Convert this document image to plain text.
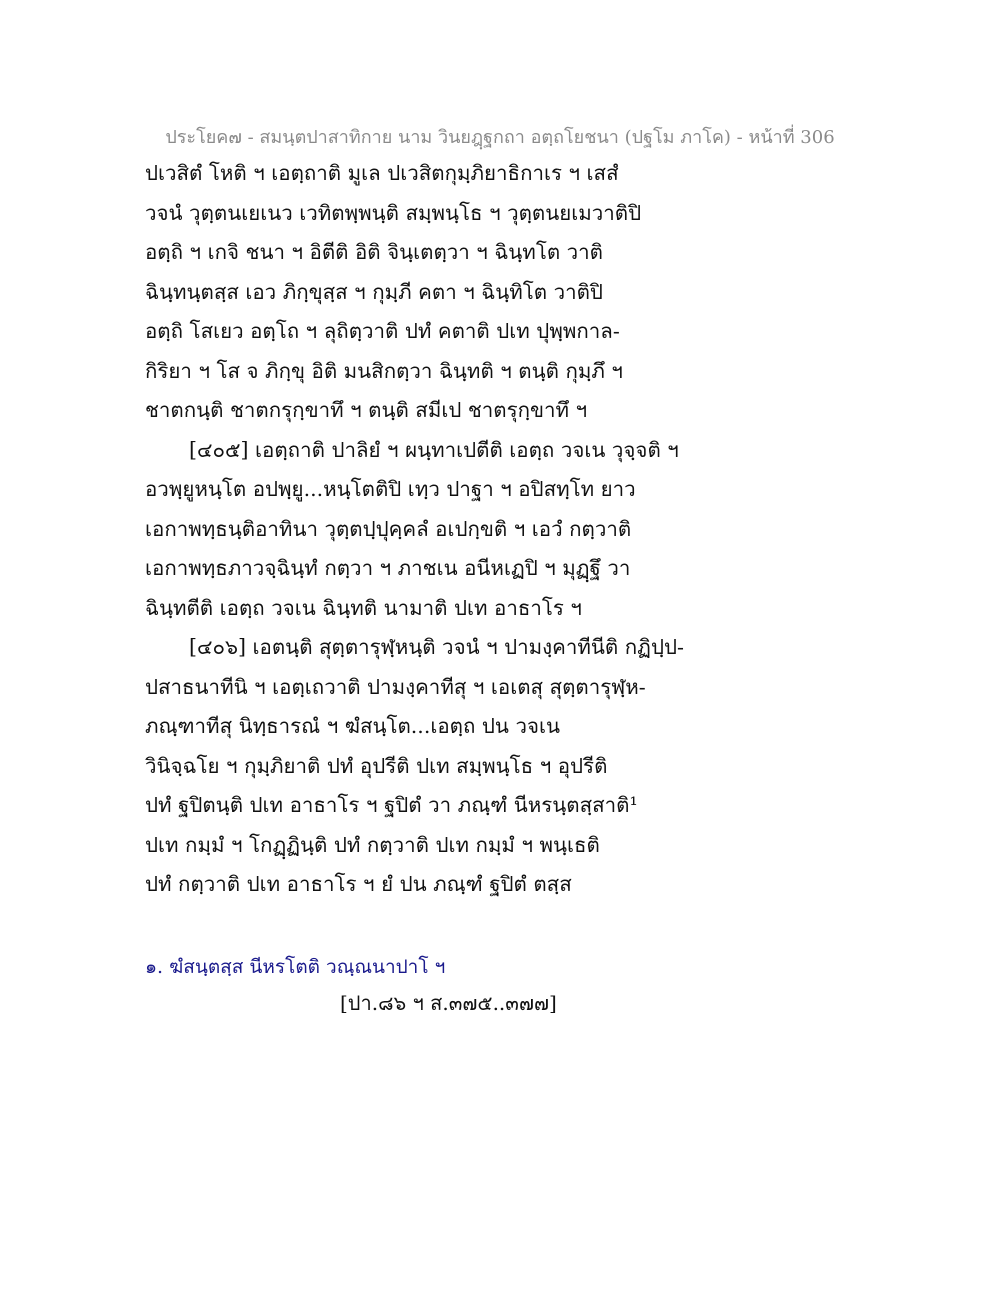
ประโยค๗ - สมนฺตปาสาทิกาย นาม วินยฎฺฐกถา อตฺถโยชนา (ปฐโม ภาโค) - หน้าที่ 306
ปเวสิตํ โหติ ฯ เอตฺถาติ มูเล ปเวสิตกุมฺภิยาธิกาเร ฯ เสสํ
วจนํ วุตฺตนเยเนว เวทิตพฺพนฺติ สมฺพนฺโธ ฯ วุตฺตนยเมวาติปิ
อตฺถิ ฯ เกจิ ชนา ฯ อิตีติ อิติ จินฺเตตฺวา ฯ ฉินฺทโต วาติ
ฉินฺทนฺตสฺส เอว ภิกฺขุสฺส ฯ กุมฺภี คตา ฯ ฉินฺทิโต วาติปิ
อตฺถิ โสเยว อตฺโถ ฯ ลุถิตฺวาติ ปทํ คตาติ ปเท ปุพฺพกาล-
กิริยา ฯ โส จ ภิกฺขุ อิติ มนสิกตฺวา ฉินฺทติ ฯ ตนฺติ กุมฺภึ ฯ
ชาตกนฺติ ชาตกรุกฺขาทึ ฯ ตนฺติ สมีเป ชาตรุกฺขาทึ ฯ
[๔๐๕] เอตฺถาติ ปาลิยํ ฯ ผนฺทาเปตีติ เอตฺถ วจเน วุจฺจติ ฯ
อวพฺยูหนฺโต อปพฺยู...หนฺโตติปิ เทฺว ปาฐา ฯ อปิสทฺโท ยาว
เอกาพทฺธนฺติอาทินา วุตฺตปฺปุคฺคลํ อเปกฺขติ ฯ เอวํ กตฺวาติ
เอกาพทฺธภาวจฺฉินฺทํ กตฺวา ฯ ภาชเน อนีหเฏปิ ฯ มุฏฺฐึ วา
ฉินฺทตีติ เอตฺถ วจเน ฉินฺทติ นามาติ ปเท อาธาโร ฯ
[๔๐๖] เอตนฺติ สุตฺตารุฬฺหนฺติ วจนํ ฯ ปามงฺคาทีนีติ กฏิปฺป-
ปสาธนาทีนิ ฯ เอตฺเถวาติ ปามงฺคาทีสุ ฯ เอเตสุ สุตฺตารุฬฺห-
ภณฺฑาทีสุ นิทฺธารณํ ฯ ฆํสนฺโต...เอตฺถ ปน วจเน
วินิจฺฉโย ฯ กุมฺภิยาติ ปทํ อุปรีติ ปเท สมฺพนฺโธ ฯ อุปรีติ
ปทํ ฐปิตนฺติ ปเท อาธาโร ฯ ฐปิตํ วา ภณฺฑํ นีหรนฺตสฺสาติ¹
ปเท กมฺมํ ฯ โกฏฺฏินฺติ ปทํ กตฺวาติ ปเท กมฺมํ ฯ พนฺเธติ
ปทํ กตฺวาติ ปเท อาธาโร ฯ ยํ ปน ภณฺฑํ ฐปิตํ ตสฺส
๑. ฆํสนฺตสฺส นีหรโตติ วณฺณนาปาโ ฯ
[ปา.๘๖ ฯ ส.๓๗๕..๓๗๗]
